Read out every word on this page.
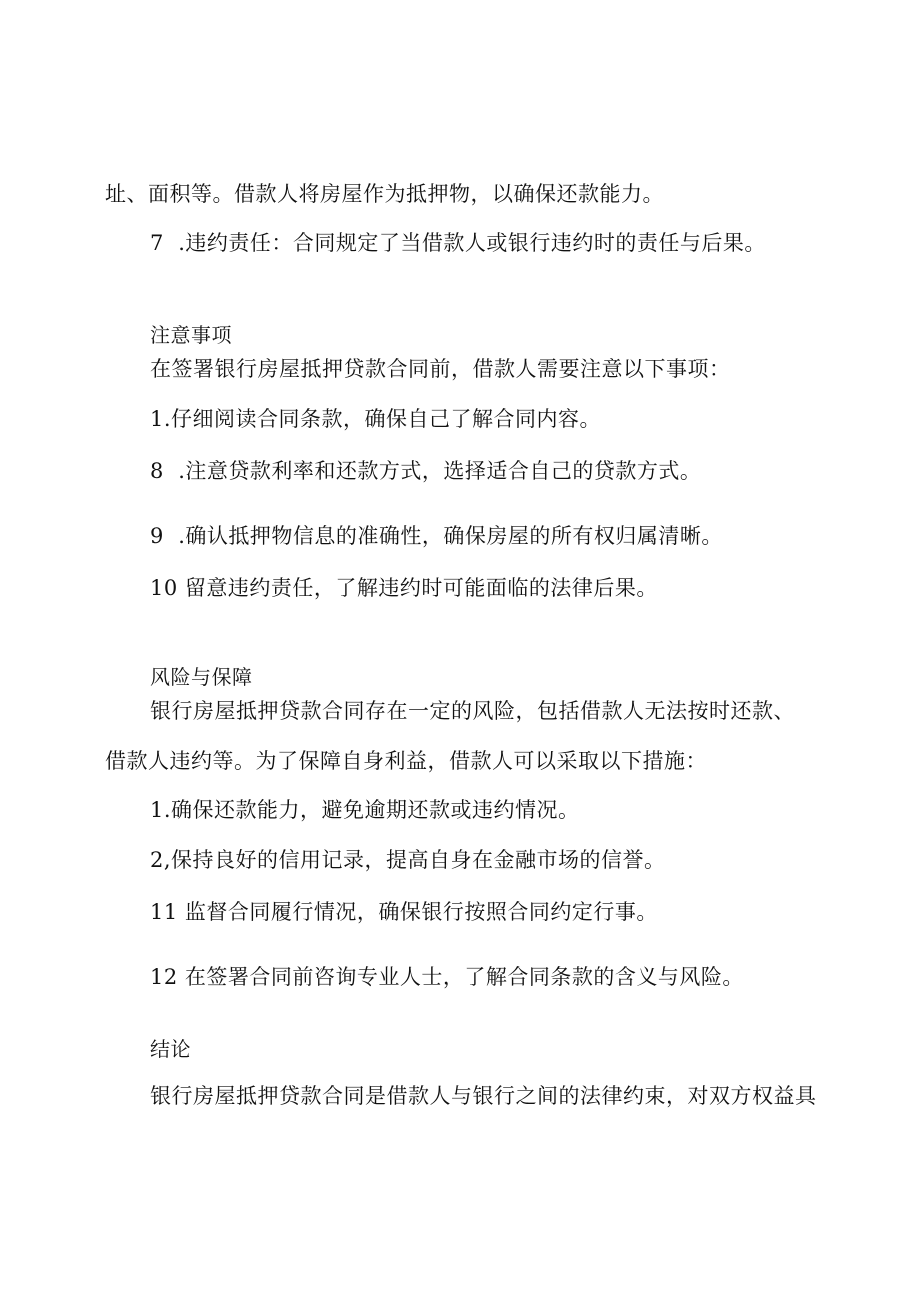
址、面积等。借款人将房屋作为抵押物，以确保还款能力。
7  .违约责任：合同规定了当借款人或银行违约时的责任与后果。
注意事项
在签署银行房屋抵押贷款合同前，借款人需要注意以下事项：
1.仔细阅读合同条款，确保自己了解合同内容。
8  .注意贷款利率和还款方式，选择适合自己的贷款方式。
9  .确认抵押物信息的准确性，确保房屋的所有权归属清晰。
10 留意违约责任，了解违约时可能面临的法律后果。
风险与保障
银行房屋抵押贷款合同存在一定的风险，包括借款人无法按时还款、
借款人违约等。为了保障自身利益，借款人可以采取以下措施：
1.确保还款能力，避免逾期还款或违约情况。
2,保持良好的信用记录，提高自身在金融市场的信誉。
11 监督合同履行情况，确保银行按照合同约定行事。
12 在签署合同前咨询专业人士，了解合同条款的含义与风险。
结论
银行房屋抵押贷款合同是借款人与银行之间的法律约束，对双方权益具
